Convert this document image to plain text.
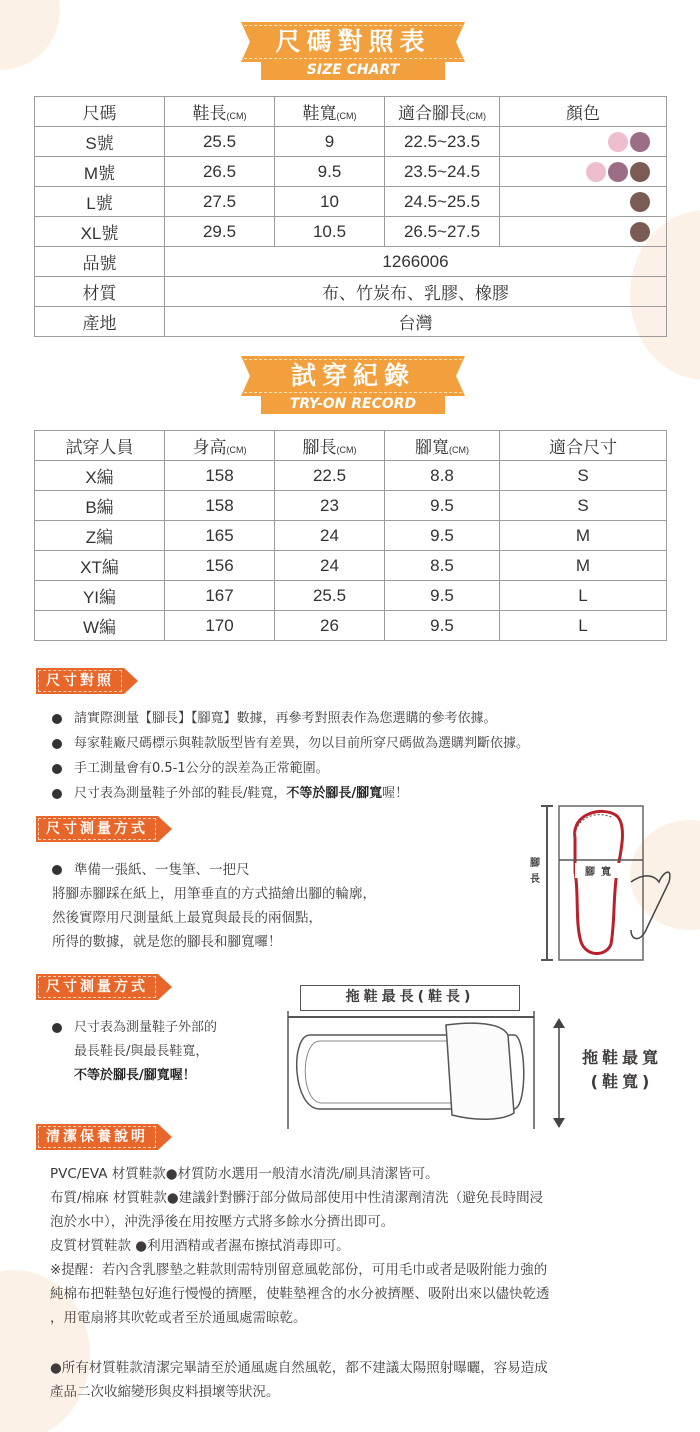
尺碼對照表
SIZE CHART
尺碼	鞋長(CM)	鞋寬(CM)	適合腳長(CM)	顏色
S號	25.5	9	22.5~23.5	
M號	26.5	9.5	23.5~24.5	
L號	27.5	10	24.5~25.5	
XL號	29.5	10.5	26.5~27.5	
品號	1266006			
材質	布、竹炭布、乳膠、橡膠			
產地	台灣			
試穿紀錄
TRY-ON RECORD
試穿人員	身高(CM)	腳長(CM)	腳寬(CM)	適合尺寸
X編	158	22.5	8.8	S
B編	158	23	9.5	S
Z編	165	24	9.5	M
XT編	156	24	8.5	M
YI編	167	25.5	9.5	L
W編	170	26	9.5	L
尺寸對照
請實際測量【腳長】【腳寬】數據，再參考對照表作為您選購的參考依據。
每家鞋廠尺碼標示與鞋款版型皆有差異，勿以目前所穿尺碼做為選購判斷依據。
手工測量會有0.5-1公分的誤差為正常範圍。
尺寸表為測量鞋子外部的鞋長/鞋寬，不等於腳長/腳寬喔！
尺寸測量方式
準備一張紙、一隻筆、一把尺
將腳赤腳踩在紙上，用筆垂直的方式描繪出腳的輪廓，
然後實際用尺測量紙上最寬與最長的兩個點，
所得的數據，就是您的腳長和腳寬囉！
腳長
腳寬
尺寸測量方式
尺寸表為測量鞋子外部的
最長鞋長/與最長鞋寬，
不等於腳長/腳寬喔！
拖鞋最長(鞋長)
拖鞋最寬
(鞋寬)
清潔保養說明
PVC/EVA 材質鞋款●材質防水選用一般清水清洗/刷具清潔皆可。
布質/棉麻 材質鞋款●建議針對髒汙部分做局部使用中性清潔劑清洗（避免長時間浸
泡於水中），沖洗淨後在用按壓方式將多餘水分擠出即可。
皮質材質鞋款 ●利用酒精或者濕布擦拭消毒即可。
※提醒：若內含乳膠墊之鞋款則需特別留意風乾部份，可用毛巾或者是吸附能力強的
純棉布把鞋墊包好進行慢慢的擠壓，使鞋墊裡含的水分被擠壓、吸附出來以儘快乾透
，用電扇將其吹乾或者至於通風處需晾乾。
●所有材質鞋款清潔完畢請至於通風處自然風乾，都不建議太陽照射曝曬，容易造成
產品二次收縮變形與皮料損壞等狀況。
